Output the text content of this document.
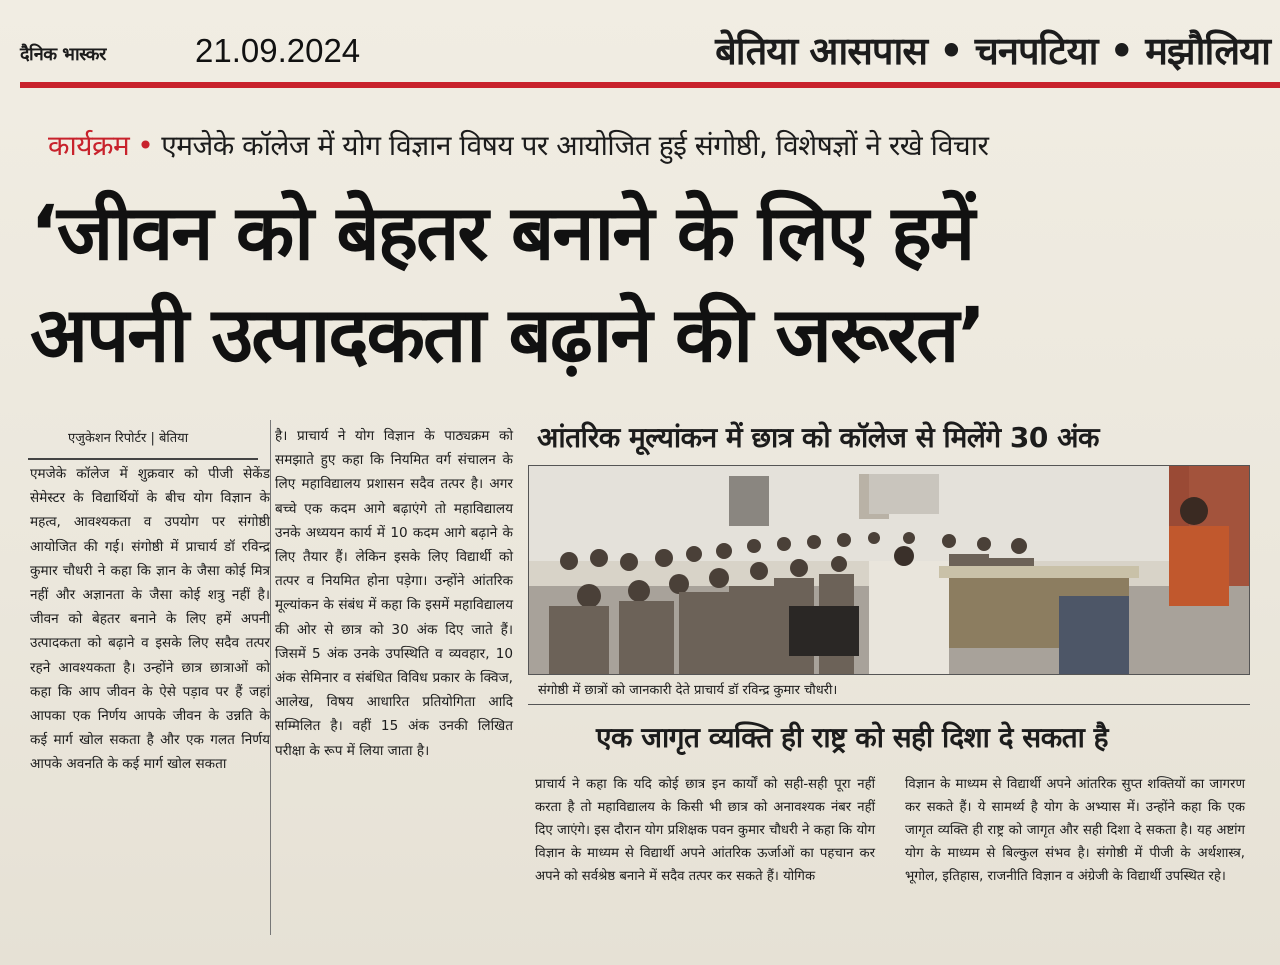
दैनिक भास्कर	21.09.2024	बेतिया आसपास • चनपटिया • मझौलिया
कार्यक्रम • एमजेके कॉलेज में योग विज्ञान विषय पर आयोजित हुई संगोष्ठी, विशेषज्ञों ने रखे विचार
‘जीवन को बेहतर बनाने के लिए हमें
अपनी उत्पादकता बढ़ाने की जरूरत’
एजुकेशन रिपोर्टर | बेतिया
एमजेके कॉलेज में शुक्रवार को पीजी सेकेंड सेमेस्टर के विद्यार्थियों के बीच योग विज्ञान के महत्व, आवश्यकता व उपयोग पर संगोष्ठी आयोजित की गई। संगोष्ठी में प्राचार्य डॉ रविन्द्र कुमार चौधरी ने कहा कि ज्ञान के जैसा कोई मित्र नहीं और अज्ञानता के जैसा कोई शत्रु नहीं है। जीवन को बेहतर बनाने के लिए हमें अपनी उत्पादकता को बढ़ाने व इसके लिए सदैव तत्पर रहने आवश्यकता है। उन्होंने छात्र छात्राओं को कहा कि आप जीवन के ऐसे पड़ाव पर हैं जहां आपका एक निर्णय आपके जीवन के उन्नति के कई मार्ग खोल सकता है और एक गलत निर्णय आपके अवनति के कई मार्ग खोल सकता
है। प्राचार्य ने योग विज्ञान के पाठ्यक्रम को समझाते हुए कहा कि नियमित वर्ग संचालन के लिए महाविद्यालय प्रशासन सदैव तत्पर है। अगर बच्चे एक कदम आगे बढ़ाएंगे तो महाविद्यालय उनके अध्ययन कार्य में 10 कदम आगे बढ़ाने के लिए तैयार हैं। लेकिन इसके लिए विद्यार्थी को तत्पर व नियमित होना पड़ेगा। उन्होंने आंतरिक मूल्यांकन के संबंध में कहा कि इसमें महाविद्यालय की ओर से छात्र को 30 अंक दिए जाते हैं। जिसमें 5 अंक उनके उपस्थिति व व्यवहार, 10 अंक सेमिनार व संबंधित विविध प्रकार के क्विज, आलेख, विषय आधारित प्रतियोगिता आदि सम्मिलित है। वहीं 15 अंक उनकी लिखित परीक्षा के रूप में लिया जाता है।
आंतरिक मूल्यांकन में छात्र को कॉलेज से मिलेंगे 30 अंक
संगोष्ठी में छात्रों को जानकारी देते प्राचार्य डॉ रविन्द्र कुमार चौधरी।
एक जागृत व्यक्ति ही राष्ट्र को सही दिशा दे सकता है
प्राचार्य ने कहा कि यदि कोई छात्र इन कार्यों को सही-सही पूरा नहीं करता है तो महाविद्यालय के किसी भी छात्र को अनावश्यक नंबर नहीं दिए जाएंगे। इस दौरान योग प्रशिक्षक पवन कुमार चौधरी ने कहा कि योग विज्ञान के माध्यम से विद्यार्थी अपने आंतरिक ऊर्जाओं का पहचान कर अपने को सर्वश्रेष्ठ बनाने में सदैव तत्पर कर सकते हैं। योगिक
विज्ञान के माध्यम से विद्यार्थी अपने आंतरिक सुप्त शक्तियों का जागरण कर सकते हैं। ये सामर्थ्य है योग के अभ्यास में। उन्होंने कहा कि एक जागृत व्यक्ति ही राष्ट्र को जागृत और सही दिशा दे सकता है। यह अष्टांग योग के माध्यम से बिल्कुल संभव है। संगोष्ठी में पीजी के अर्थशास्त्र, भूगोल, इतिहास, राजनीति विज्ञान व अंग्रेजी के विद्यार्थी उपस्थित रहे।
